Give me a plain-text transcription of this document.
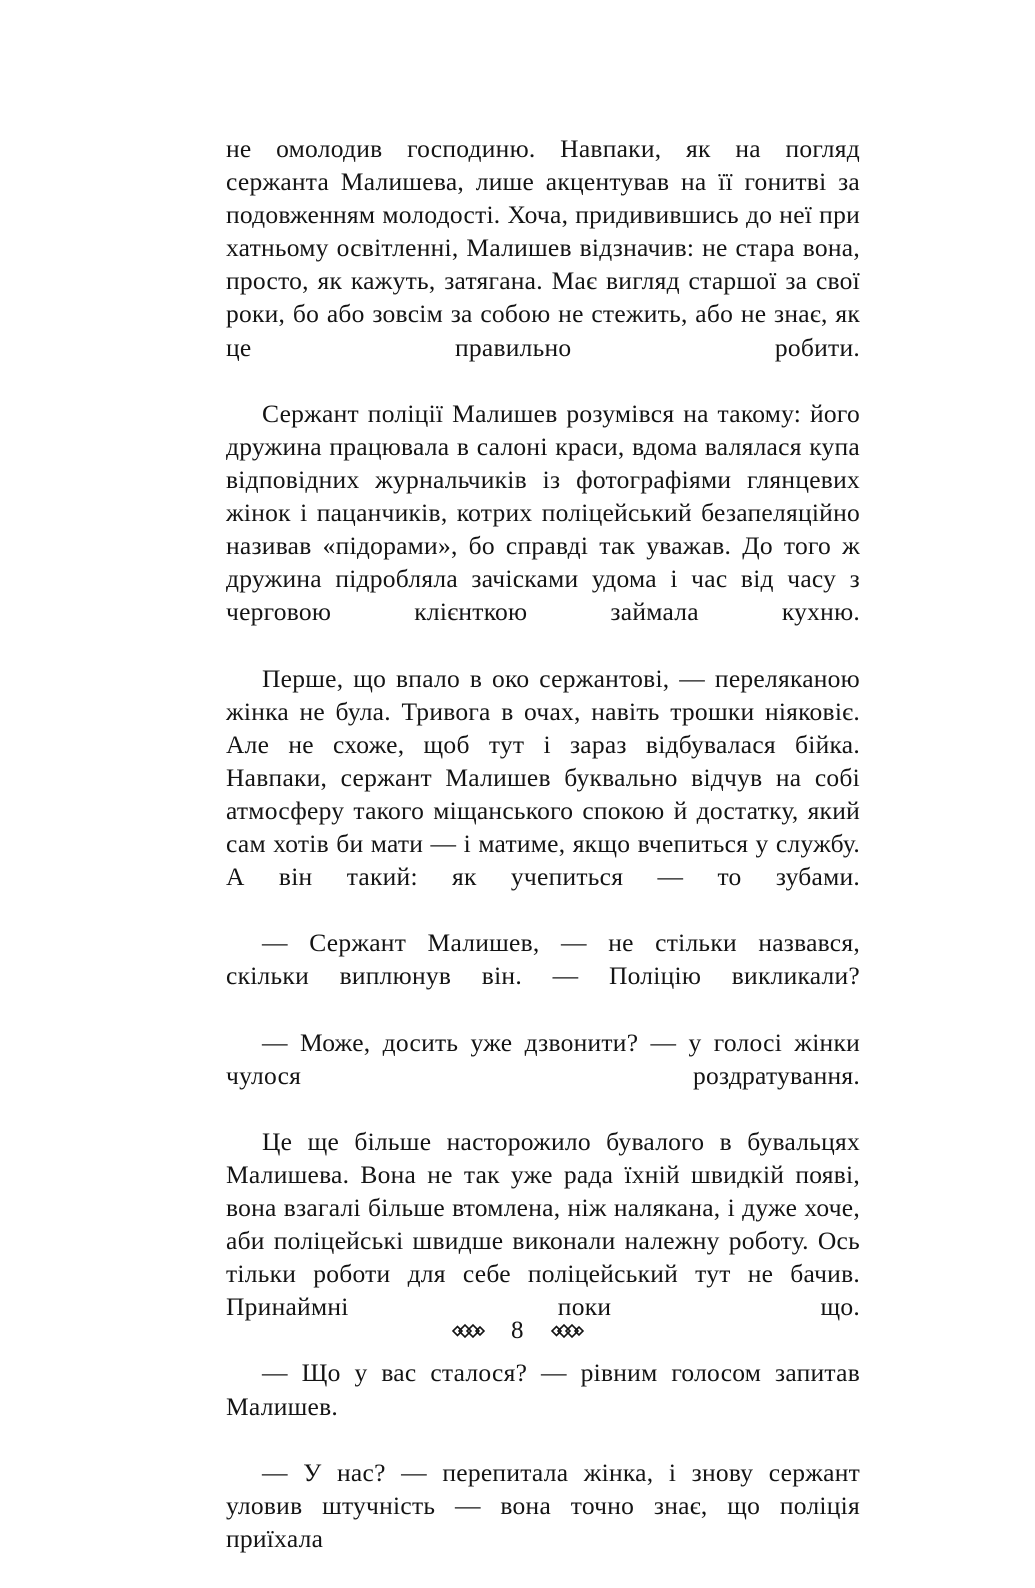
не омолодив господиню. Навпаки, як на погляд сержанта Малишева, лише акцентував на її гонитві за подовженням молодості. Хоча, придивившись до неї при хатньому освітленні, Малишев відзначив: не стара вона, просто, як кажуть, затягана. Має вигляд старшої за свої роки, бо або зовсім за собою не стежить, або не знає, як це правильно робити.

Сержант поліції Малишев розумівся на такому: його дружина працювала в салоні краси, вдома валялася купа відповідних журнальчиків із фотографіями глянцевих жінок і пацанчиків, котрих поліцейський безапеляційно називав «підорами», бо справді так уважав. До того ж дружина підробляла зачісками удома і час від часу з черговою клієнткою займала кухню.

Перше, що впало в око сержантові, — переляканою жінка не була. Тривога в очах, навіть трошки ніяковіє. Але не схоже, щоб тут і зараз відбувалася бійка. Навпаки, сержант Малишев буквально відчув на собі атмосферу такого міщанського спокою й достатку, який сам хотів би мати — і матиме, якщо вчепиться у службу. А він такий: як учепиться — то зубами.

— Сержант Малишев, — не стільки назвався, скільки виплюнув він. — Поліцію викликали?

— Може, досить уже дзвонити? — у голосі жінки чулося роздратування.

Це ще більше насторожило бувалого в бувальцях Малишева. Вона не так уже рада їхній швидкій появі, вона взагалі більше втомлена, ніж налякана, і дуже хоче, аби поліцейські швидше виконали належну роботу. Ось тільки роботи для себе поліцейський тут не бачив. Принаймні поки що.

— Що у вас сталося? — рівним голосом запитав Малишев.

— У нас? — перепитала жінка, і знову сержант уловив штучність — вона точно знає, що поліція приїхала

8
